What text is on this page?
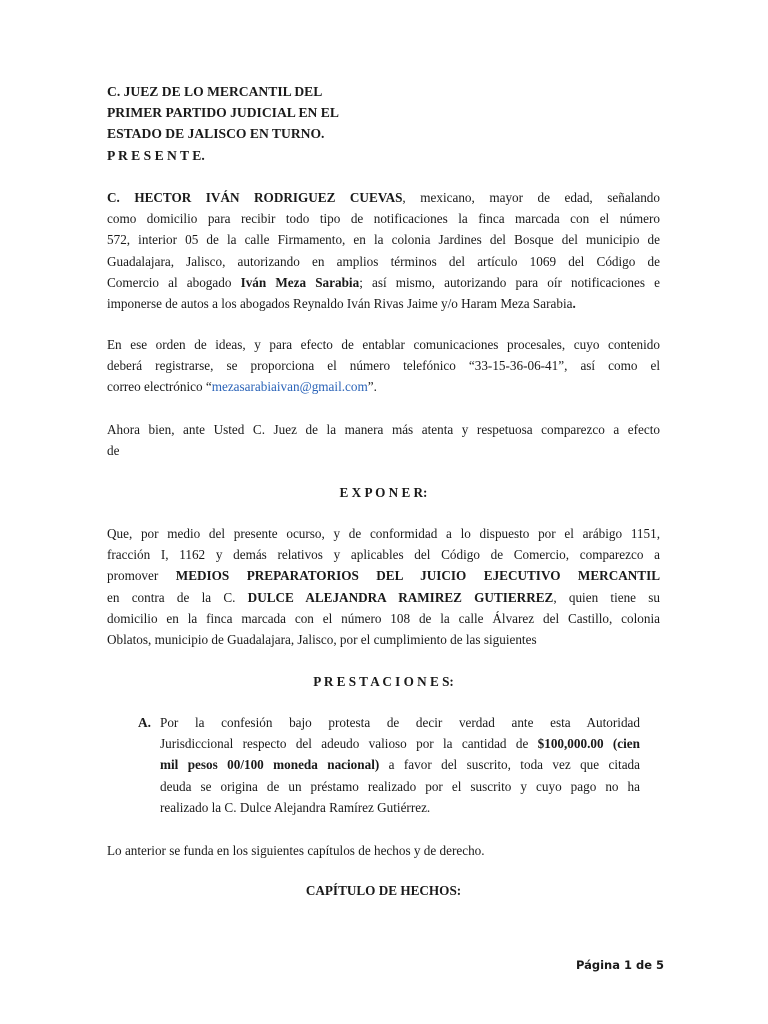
C. JUEZ DE LO MERCANTIL DEL
PRIMER PARTIDO JUDICIAL EN EL
ESTADO DE JALISCO EN TURNO.
P R E S E N T E.
C. HECTOR IVÁN RODRIGUEZ CUEVAS, mexicano, mayor de edad, señalando
como domicilio para recibir todo tipo de notificaciones la finca marcada con el número
572, interior 05 de la calle Firmamento, en la colonia Jardines del Bosque del municipio de
Guadalajara, Jalisco, autorizando en amplios términos del artículo 1069 del Código de
Comercio al abogado Iván Meza Sarabia; así mismo, autorizando para oír notificaciones e
imponerse de autos a los abogados Reynaldo Iván Rivas Jaime y/o Haram Meza Sarabia.
En ese orden de ideas, y para efecto de entablar comunicaciones procesales, cuyo contenido
deberá registrarse, se proporciona el número telefónico “33-15-36-06-41”, así como el
correo electrónico “mezasarabiaivan@gmail.com”.
Ahora bien, ante Usted C. Juez de la manera más atenta y respetuosa comparezco a efecto
de
E X P O N E R:
Que, por medio del presente ocurso, y de conformidad a lo dispuesto por el arábigo 1151,
fracción I, 1162 y demás relativos y aplicables del Código de Comercio, comparezco a
promover MEDIOS PREPARATORIOS DEL JUICIO EJECUTIVO MERCANTIL
en contra de la C. DULCE ALEJANDRA RAMIREZ GUTIERREZ, quien tiene su
domicilio en la finca marcada con el número 108 de la calle Álvarez del Castillo, colonia
Oblatos, municipio de Guadalajara, Jalisco, por el cumplimiento de las siguientes
P R E S T A C I O N E S:
A. Por la confesión bajo protesta de decir verdad ante esta Autoridad
Jurisdiccional respecto del adeudo valioso por la cantidad de $100,000.00 (cien
mil pesos 00/100 moneda nacional) a favor del suscrito, toda vez que citada
deuda se origina de un préstamo realizado por el suscrito y cuyo pago no ha
realizado la C. Dulce Alejandra Ramírez Gutiérrez.
Lo anterior se funda en los siguientes capítulos de hechos y de derecho.
CAPÍTULO DE HECHOS:
Página 1 de 5
